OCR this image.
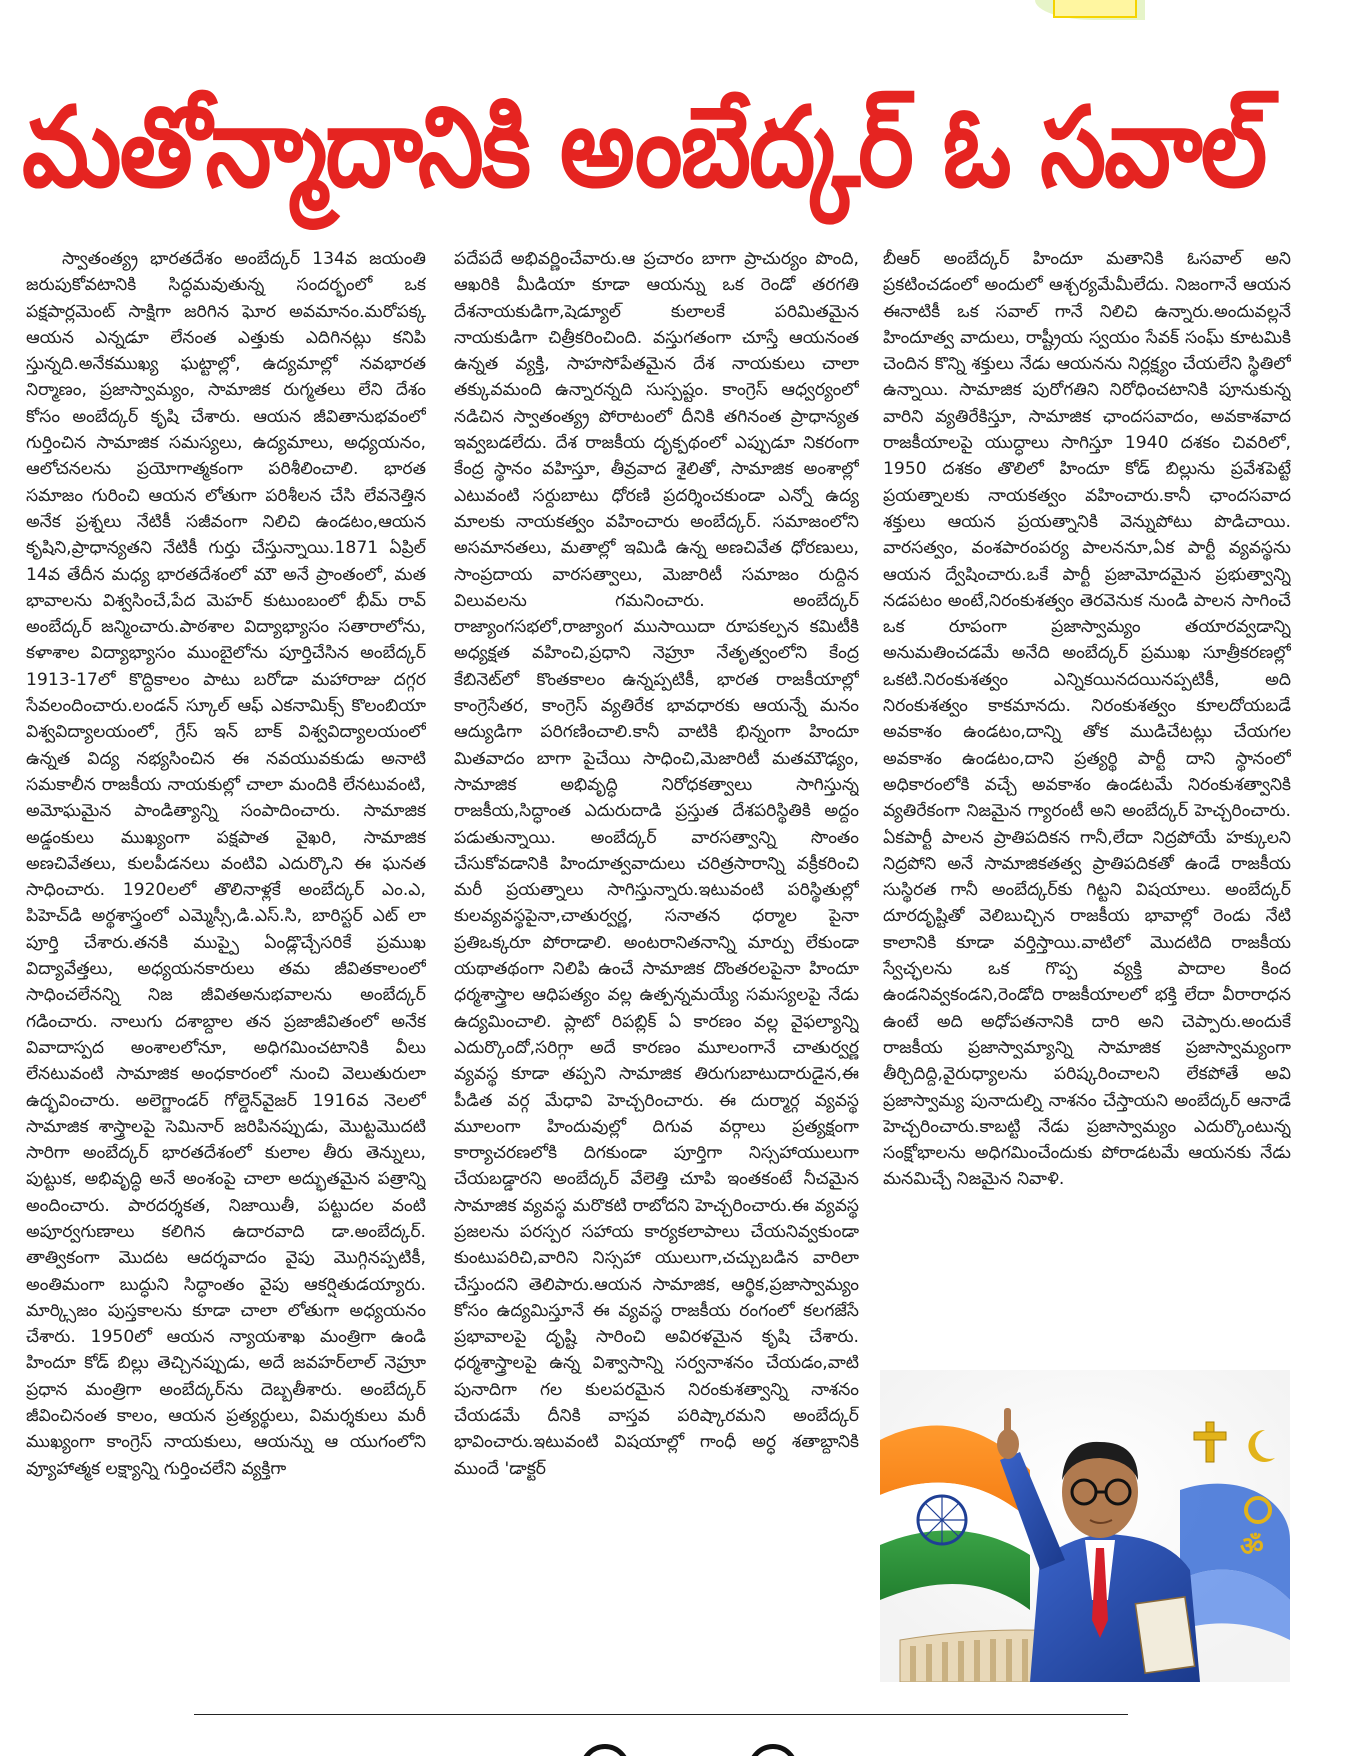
మతోన్మాదానికి అంబేద్కర్ ఓ సవాల్

స్వాతంత్య్ర భారతదేశం అంబేద్కర్ 134వ జయంతి జరుపుకోవటానికి సిద్ధమవుతున్న సందర్భంలో ఒక పక్షపార్లమెంట్ సాక్షిగా జరిగిన ఘోర అవమానం.మరోపక్క ఆయన ఎన్నడూ లేనంత ఎత్తుకు ఎదిగినట్లు కనిపి స్తున్నది.అనేకముఖ్య ఘట్టాల్లో, ఉద్యమాల్లో నవభారత నిర్మాణం, ప్రజాస్వామ్యం, సామాజిక రుగ్మతలు లేని దేశం కోసం అంబేద్కర్ కృషి చేశారు. ఆయన జీవితానుభవంలో గుర్తించిన సామాజిక సమస్యలు, ఉద్యమాలు, అధ్యయనం, ఆలోచనలను ప్రయోగాత్మకంగా పరిశీలించాలి. భారత సమాజం గురించి ఆయన లోతుగా పరిశీలన చేసి లేవనెత్తిన అనేక ప్రశ్నలు నేటికీ సజీవంగా నిలిచి ఉండటం,ఆయన కృషిని,ప్రాధాన్యతని నేటికీ గుర్తు చేస్తున్నాయి.1871 ఏప్రిల్ 14వ తేదీన మధ్య భారతదేశంలో మౌ అనే ప్రాంతంలో, మత భావాలను విశ్వసించే,పేద మెహర్ కుటుంబంలో భీమ్ రావ్ అంబేద్కర్ జన్మించారు.పాఠశాల విద్యాభ్యాసం సతారాలోను, కళాశాల విద్యాభ్యాసం ముంబైలోను పూర్తిచేసిన అంబేద్కర్ 1913-17లో కొద్దికాలం పాటు బరోడా మహారాజు దగ్గర సేవలందించారు.లండన్ స్కూల్ ఆఫ్ ఎకనామిక్స్ కొలంబియా విశ్వవిద్యాలయంలో, గ్రేస్ ఇన్ బాక్ విశ్వవిద్యాలయంలో ఉన్నత విద్య నభ్యసించిన ఈ నవయువకుడు అనాటి సమకాలీన రాజకీయ నాయకుల్లో చాలా మందికి లేనటువంటి, అమోఘమైన పాండిత్యాన్ని సంపాదించారు. సామాజిక అడ్డంకులు ముఖ్యంగా పక్షపాత వైఖరి, సామాజిక అణచివేతలు, కులపీడనలు వంటివి ఎదుర్కొని ఈ ఘనత సాధించారు. 1920లలో తొలినాళ్లకే అంబేద్కర్ ఎం.ఎ, పిహెచ్‌డి అర్థశాస్త్రంలో ఎమ్మెస్సీ,డి.ఎస్.సి, బారిస్టర్ ఎట్ లా పూర్తి చేశారు.తనకి ముప్పై ఏండ్లొచ్చేసరికే ప్రముఖ విద్యావేత్తలు, అధ్యయనకారులు తమ జీవితకాలంలో సాధించలేనన్ని నిజ జీవితఅనుభవాలను అంబేద్కర్ గడించారు. నాలుగు దశాబ్దాల తన ప్రజాజీవితంలో అనేక వివాదాస్పద అంశాలలోనూ, అధిగమించటానికి వీలు లేనటువంటి సామాజిక అంధకారంలో నుంచి వెలుతురులా ఉద్భవించారు. అలెగ్జాండర్ గోల్డెన్‌వైజర్ 1916వ నెలలో సామాజిక శాస్త్రాలపై సెమినార్ జరిపినప్పుడు, మొట్టమొదటి సారిగా అంబేద్కర్ భారతదేశంలో కులాల తీరు తెన్నులు, పుట్టుక, అభివృద్ధి అనే అంశంపై చాలా అద్భుతమైన పత్రాన్ని అందించారు. పారదర్శకత, నిజాయితీ, పట్టుదల వంటి అపూర్వగుణాలు కలిగిన ఉదారవాది డా.అంబేద్కర్. తాత్వికంగా మొదట ఆదర్శవాదం వైపు మొగ్గినప్పటికీ, అంతిమంగా బుద్ధుని సిద్ధాంతం వైపు ఆకర్షితుడయ్యారు. మార్క్సిజం పుస్తకాలను కూడా చాలా లోతుగా అధ్యయనం చేశారు. 1950లో ఆయన న్యాయశాఖ మంత్రిగా ఉండి హిందూ కోడ్ బిల్లు తెచ్చినప్పుడు, అదే జవహర్‌లాల్ నెహ్రూ ప్రధాన మంత్రిగా అంబేద్కర్‌ను దెబ్బతీశారు. అంబేద్కర్ జీవించినంత కాలం, ఆయన ప్రత్యర్థులు, విమర్శకులు మరీ ముఖ్యంగా కాంగ్రెస్ నాయకులు, ఆయన్ను ఆ యుగంలోని వ్యూహాత్మక లక్ష్యాన్ని గుర్తించలేని వ్యక్తిగా

పదేపదే అభివర్ణించేవారు.ఆ ప్రచారం బాగా ప్రాచుర్యం పొంది, ఆఖరికి మీడియా కూడా ఆయన్ను ఒక రెండో తరగతి దేశనాయకుడిగా,షెడ్యూల్ కులాలకే పరిమితమైన నాయకుడిగా చిత్రీకరించింది. వస్తుగతంగా చూస్తే ఆయనంత ఉన్నత వ్యక్తి, సాహసోపేతమైన దేశ నాయకులు చాలా తక్కువమంది ఉన్నారన్నది సుస్పష్టం. కాంగ్రెస్ ఆధ్వర్యంలో నడిచిన స్వాతంత్య్ర పోరాటంలో దీనికి తగినంత ప్రాధాన్యత ఇవ్వబడలేదు. దేశ రాజకీయ దృక్పథంలో ఎప్పుడూ నికరంగా కేంద్ర స్థానం వహిస్తూ, తీవ్రవాద శైలితో, సామాజిక అంశాల్లో ఎటువంటి సర్దుబాటు ధోరణి ప్రదర్శించకుండా ఎన్నో ఉద్య మాలకు నాయకత్వం వహించారు అంబేద్కర్. సమాజంలోని అసమానతలు, మతాల్లో ఇమిడి ఉన్న అణచివేత ధోరణులు, సాంప్రదాయ వారసత్వాలు, మెజారిటీ సమాజం రుద్దిన విలువలను గమనించారు. అంబేద్కర్ రాజ్యాంగసభలో,రాజ్యాంగ ముసాయిదా రూపకల్పన కమిటీకి అధ్యక్షత వహించి,ప్రధాని నెహ్రూ నేతృత్వంలోని కేంద్ర కేబినెట్‌లో కొంతకాలం ఉన్నప్పటికీ, భారత రాజకీయాల్లో కాంగ్రెసేతర, కాంగ్రెస్ వ్యతిరేక భావధారకు ఆయన్నే మనం ఆద్యుడిగా పరిగణించాలి.కానీ వాటికి భిన్నంగా హిందూ మితవాదం బాగా పైచేయి సాధించి,మెజారిటీ మతమౌఢ్యం, సామాజిక అభివృద్ధి నిరోధకత్వాలు సాగిస్తున్న రాజకీయ,సిద్ధాంత ఎదురుదాడి ప్రస్తుత దేశపరిస్థితికి అద్దం పడుతున్నాయి. అంబేద్కర్ వారసత్వాన్ని సొంతం చేసుకోవడానికి హిందూత్వవాదులు చరిత్రసారాన్ని వక్రీకరించి మరీ ప్రయత్నాలు సాగిస్తున్నారు.ఇటువంటి పరిస్థితుల్లో కులవ్యవస్థపైనా,చాతుర్వర్ణ, సనాతన ధర్మాల పైనా ప్రతిఒక్కరూ పోరాడాలి. అంటరానితనాన్ని మార్పు లేకుండా యథాతథంగా నిలిపి ఉంచే సామాజిక దొంతరలపైనా హిందూ ధర్మశాస్త్రాల ఆధిపత్యం వల్ల ఉత్పన్నమయ్యే సమస్యలపై నేడు ఉద్యమించాలి. ప్లాటో రిపబ్లిక్ ఏ కారణం వల్ల వైఫల్యాన్ని ఎదుర్కొందో,సరిగ్గా అదే కారణం మూలంగానే చాతుర్వర్ణ వ్యవస్థ కూడా తప్పని సామాజిక తిరుగుబాటుదారుడైన,ఈ పీడిత వర్గ మేధావి హెచ్చరించారు. ఈ దుర్మార్గ వ్యవస్థ మూలంగా హిందువుల్లో దిగువ వర్గాలు ప్రత్యక్షంగా కార్యాచరణలోకి దిగకుండా పూర్తిగా నిస్సహాయులుగా చేయబడ్డారని అంబేద్కర్ వేలెత్తి చూపి ఇంతకంటే నీచమైన సామాజిక వ్యవస్థ మరొకటి రాబోదని హెచ్చరించారు.ఈ వ్యవస్థ ప్రజలను పరస్పర సహాయ కార్యకలాపాలు చేయనివ్వకుండా కుంటుపరిచి,వారిని నిస్సహా యులుగా,చచ్చుబడిన వారిలా చేస్తుందని తెలిపారు.ఆయన సామాజిక, ఆర్థిక,ప్రజాస్వామ్యం కోసం ఉద్యమిస్తూనే ఈ వ్యవస్థ రాజకీయ రంగంలో కలగజేసే ప్రభావాలపై దృష్టి సారించి అవిరళమైన కృషి చేశారు. ధర్మశాస్త్రాలపై ఉన్న విశ్వాసాన్ని సర్వనాశనం చేయడం,వాటి పునాదిగా గల కులపరమైన నిరంకుశత్వాన్ని నాశనం చేయడమే దీనికి వాస్తవ పరిష్కారమని అంబేద్కర్ భావించారు.ఇటువంటి విషయాల్లో గాంధీ అర్ధ శతాబ్దానికి ముందే 'డాక్టర్

బీఆర్ అంబేద్కర్ హిందూ మతానికి ఓసవాల్ అని ప్రకటించడంలో అందులో ఆశ్చర్యమేమీలేదు. నిజంగానే ఆయన ఈనాటికీ ఒక సవాల్ గానే నిలిచి ఉన్నారు.అందువల్లనే హిందూత్వ వాదులు, రాష్ట్రీయ స్వయం సేవక్ సంఘ్ కూటమికి చెందిన కొన్ని శక్తులు నేడు ఆయనను నిర్లక్ష్యం చేయలేని స్థితిలో ఉన్నాయి. సామాజిక పురోగతిని నిరోధించటానికి పూనుకున్న వారిని వ్యతిరేకిస్తూ, సామాజిక ఛాందసవాదం, అవకాశవాద రాజకీయాలపై యుద్ధాలు సాగిస్తూ 1940 దశకం చివరిలో, 1950 దశకం తొలిలో హిందూ కోడ్ బిల్లును ప్రవేశపెట్టే ప్రయత్నాలకు నాయకత్వం వహించారు.కానీ ఛాందసవాద శక్తులు ఆయన ప్రయత్నానికి వెన్నుపోటు పొడిచాయి. వారసత్వం, వంశపారంపర్య పాలననూ,ఏక పార్టీ వ్యవస్థను ఆయన ద్వేషించారు.ఒకే పార్టీ ప్రజామోదమైన ప్రభుత్వాన్ని నడపటం అంటే,నిరంకుశత్వం తెరవెనుక నుండి పాలన సాగించే ఒక రూపంగా ప్రజాస్వామ్యం తయారవ్వడాన్ని అనుమతించడమే అనేది అంబేద్కర్ ప్రముఖ సూత్రీకరణల్లో ఒకటి.నిరంకుశత్వం ఎన్నికయినదయినప్పటికీ, అది నిరంకుశత్వం కాకమానదు. నిరంకుశత్వం కూలదోయబడే అవకాశం ఉండటం,దాన్ని తోక ముడిచేటట్లు చేయగల అవకాశం ఉండటం,దాని ప్రత్యర్థి పార్టీ దాని స్థానంలో అధికారంలోకి వచ్చే అవకాశం ఉండటమే నిరంకుశత్వానికి వ్యతిరేకంగా నిజమైన గ్యారంటీ అని అంబేద్కర్ హెచ్చరించారు. ఏకపార్టీ పాలన ప్రాతిపదికన గానీ,లేదా నిద్రపోయే హక్కులని నిద్రపోని అనే సామాజికతత్వ ప్రాతిపదికతో ఉండే రాజకీయ సుస్థిరత గానీ అంబేద్కర్‌కు గిట్టని విషయాలు. అంబేద్కర్ దూరదృష్టితో వెలిబుచ్చిన రాజకీయ భావాల్లో రెండు నేటి కాలానికి కూడా వర్తిస్తాయి.వాటిలో మొదటిది రాజకీయ స్వేచ్ఛలను ఒక గొప్ప వ్యక్తి పాదాల కింద ఉండనివ్వకండని,రెండోది రాజకీయాలలో భక్తి లేదా వీరారాధన ఉంటే అది అధోపతనానికి దారి అని చెప్పారు.అందుకే రాజకీయ ప్రజాస్వామ్యాన్ని సామాజిక ప్రజాస్వామ్యంగా తీర్చిదిద్ది,వైరుధ్యాలను పరిష్కరించాలని లేకపోతే అవి ప్రజాస్వామ్య పునాదుల్ని నాశనం చేస్తాయని అంబేద్కర్ ఆనాడే హెచ్చరించారు.కాబట్టి నేడు ప్రజాస్వామ్యం ఎదుర్కొంటున్న సంక్షోభాలను అధిగమించేందుకు పోరాడటమే ఆయనకు నేడు మనమిచ్చే నిజమైన నివాళి.

ॐ
